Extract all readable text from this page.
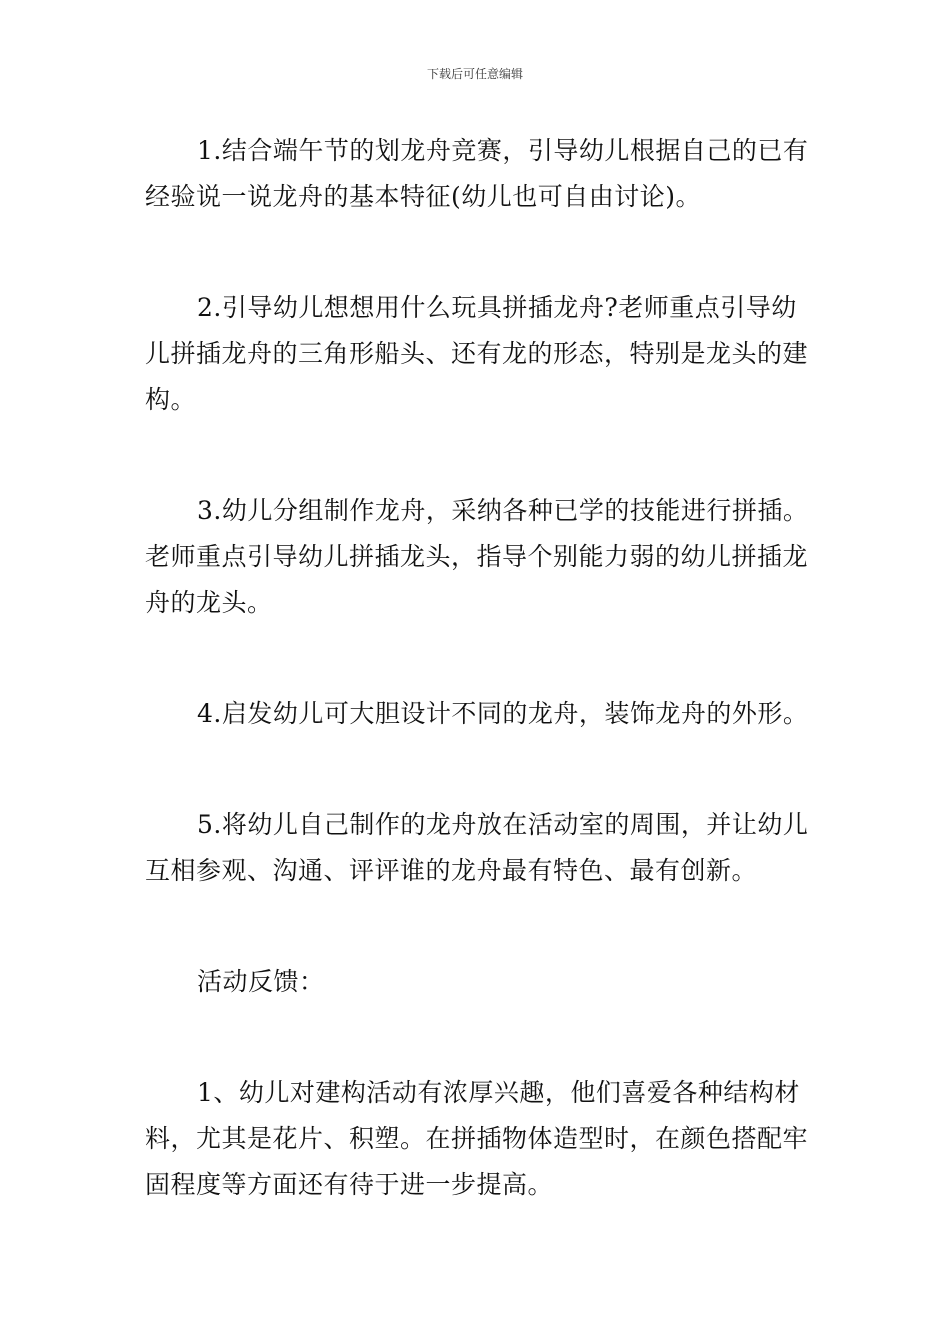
下载后可任意编辑

1.结合端午节的划龙舟竞赛，引导幼儿根据自己的已有经验说一说龙舟的基本特征(幼儿也可自由讨论)。

2.引导幼儿想想用什么玩具拼插龙舟?老师重点引导幼儿拼插龙舟的三角形船头、还有龙的形态，特别是龙头的建构。

3.幼儿分组制作龙舟，采纳各种已学的技能进行拼插。老师重点引导幼儿拼插龙头，指导个别能力弱的幼儿拼插龙舟的龙头。

4.启发幼儿可大胆设计不同的龙舟，装饰龙舟的外形。

5.将幼儿自己制作的龙舟放在活动室的周围，并让幼儿互相参观、沟通、评评谁的龙舟最有特色、最有创新。

活动反馈：

1、幼儿对建构活动有浓厚兴趣，他们喜爱各种结构材料，尤其是花片、积塑。在拼插物体造型时，在颜色搭配牢固程度等方面还有待于进一步提高。
